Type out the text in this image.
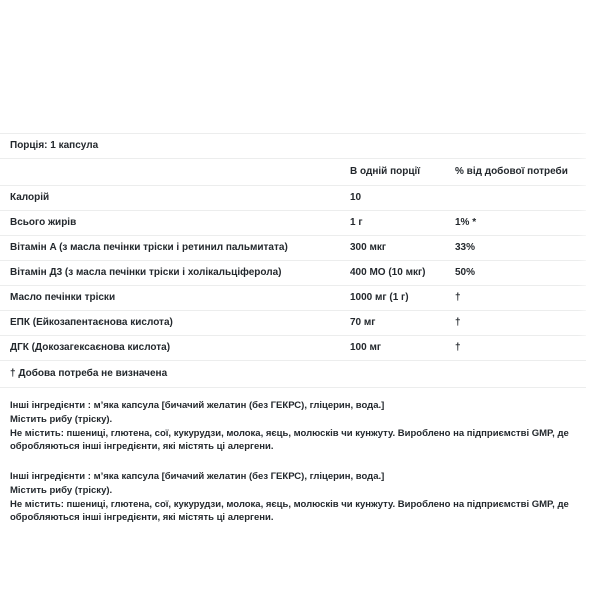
Порція: 1 капсула		
	В одній порції	% від добової потреби
Калорій	10	
Всього жирів	1 г	1% *
Вітамін A (з масла печінки тріски і ретинил пальмитата)	300 мкг	33%
Вітамін Д3 (з масла печінки тріски і холікальціферола)	400 МО (10 мкг)	50%
Масло печінки тріски	1000 мг (1 г)	†
ЕПК (Ейкозапентаєнова кислота)	70 мг	†
ДГК (Докозагексаєнова кислота)	100 мг	†
† Добова потреба не визначена		

Інші інгредієнти : м’яка капсула [бичачий желатин (без ГЕКРС), гліцерин, вода.]

Містить рибу (тріску).

Не містить: пшениці, глютена, сої, кукурудзи, молока, яєць, молюсків чи кунжуту. Вироблено на підприємстві GMP, де обробляються інші інгредієнти, які містять ці алергени.

Інші інгредієнти : м’яка капсула [бичачий желатин (без ГЕКРС), гліцерин, вода.]

Містить рибу (тріску).

Не містить: пшениці, глютена, сої, кукурудзи, молока, яєць, молюсків чи кунжуту. Вироблено на підприємстві GMP, де обробляються інші інгредієнти, які містять ці алергени.
